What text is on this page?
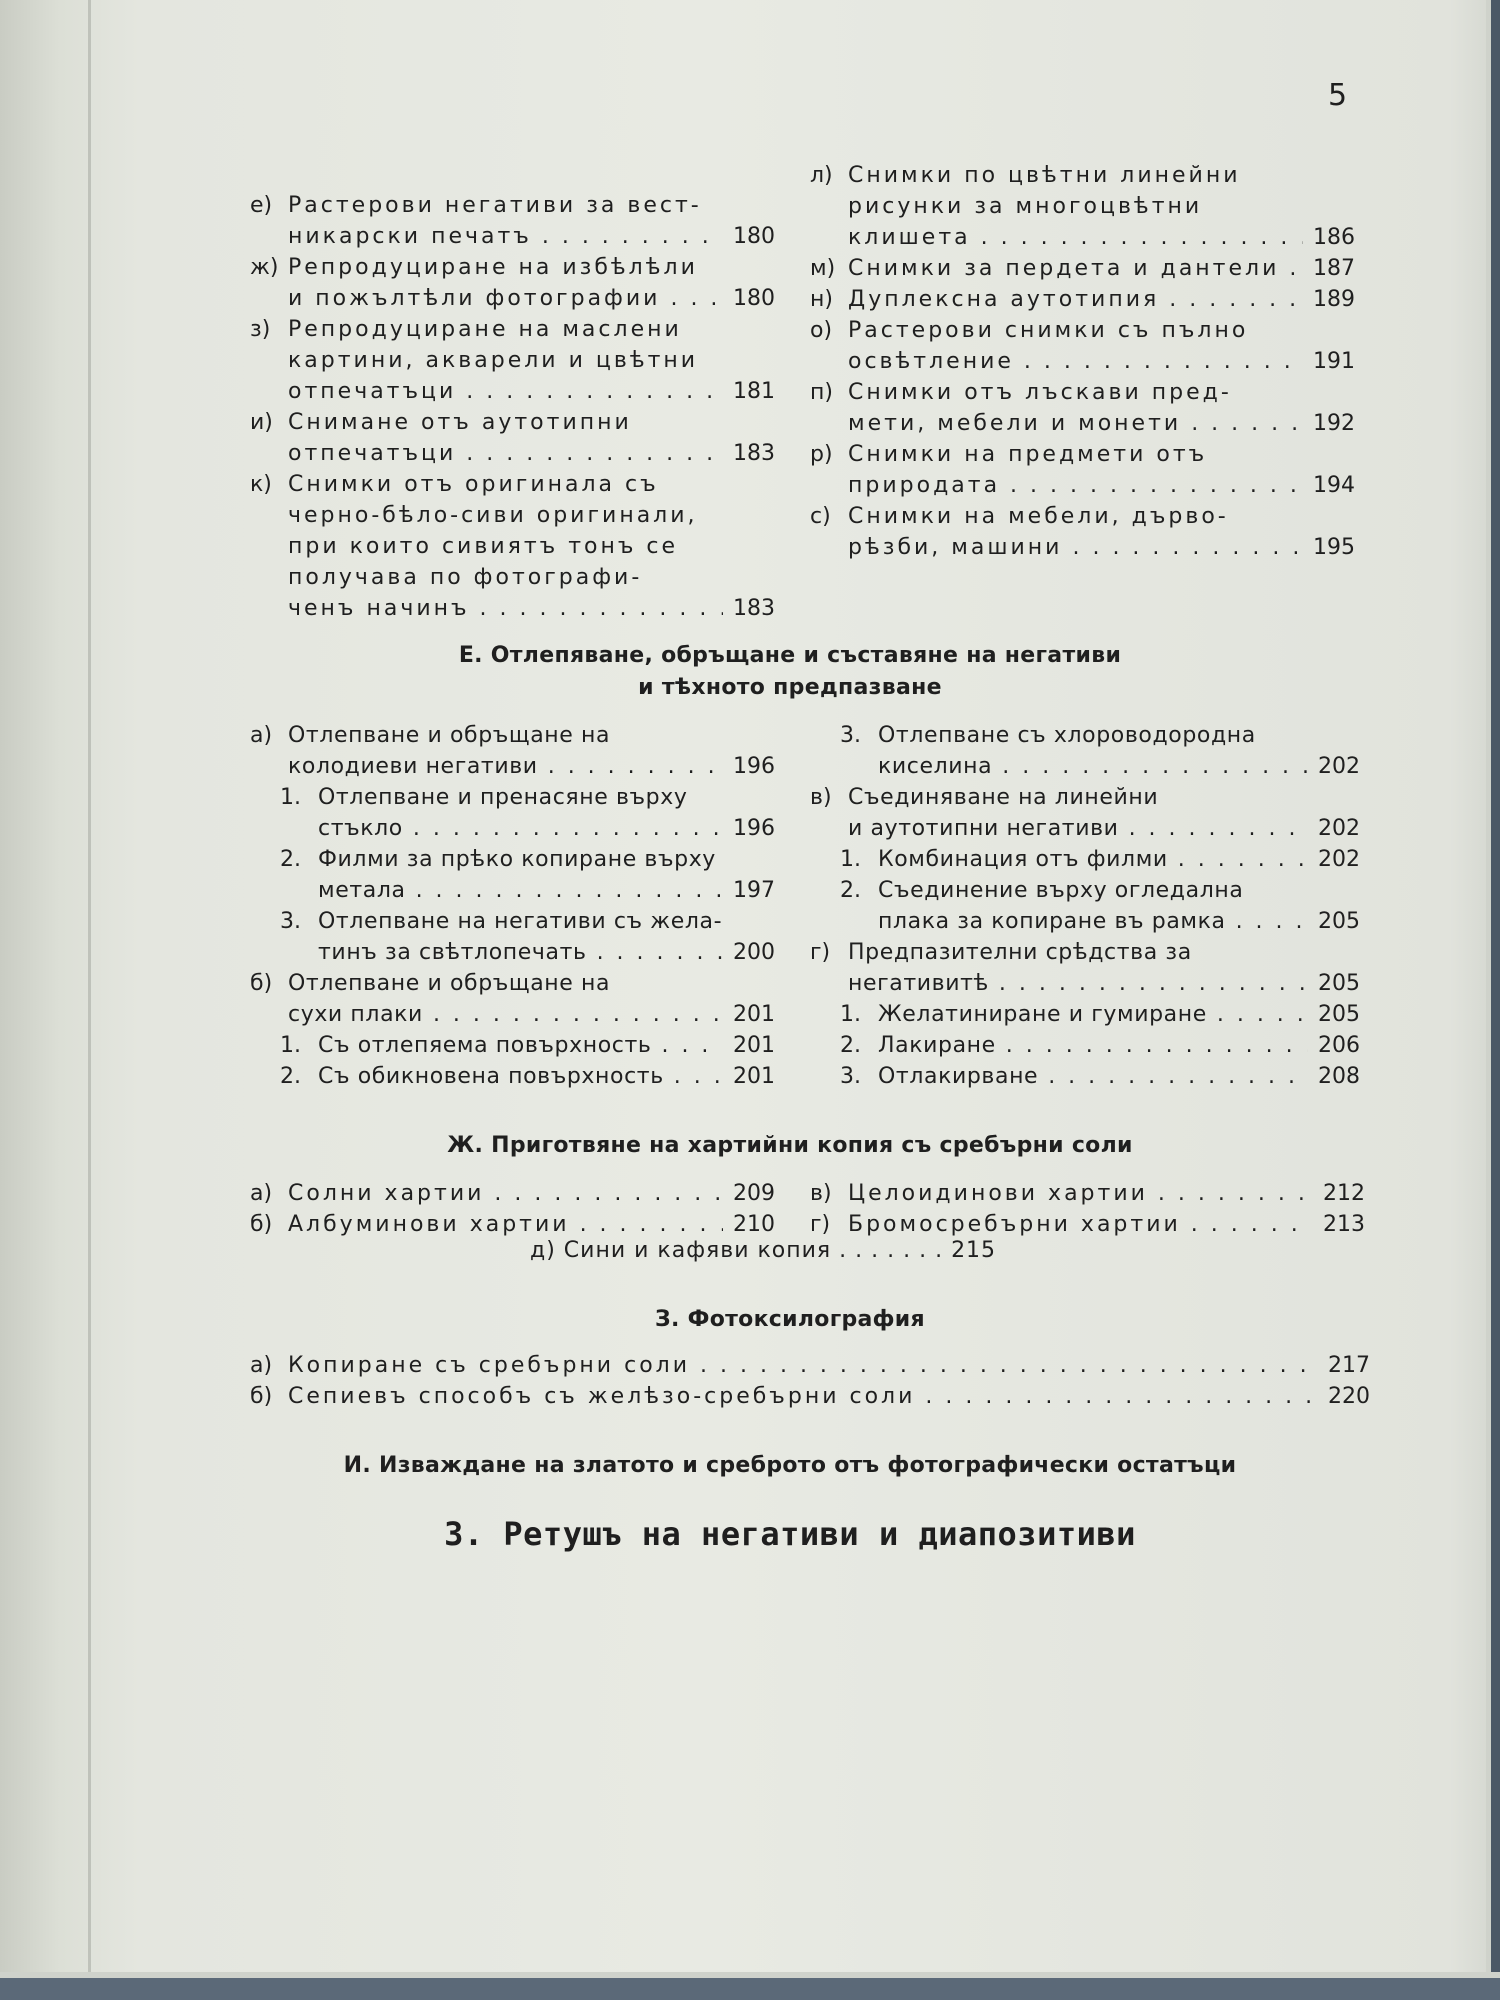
5
е) Растерови негативи за вест-
никарски печатъ . . .	180
ж) Репродуциране на избѣлѣли
и пожълтѣли фотографии . . .	180
з) Репродуциране на маслени
картини, акварели и цвѣтни
отпечатъци . . .	181
и) Снимане отъ аутотипни
отпечатъци . . .	183
к) Снимки отъ оригинала съ
черно-бѣло-сиви оригинали,
при които сивиятъ тонъ се
получава по фотографи-
ченъ начинъ . . .	183
л) Снимки по цвѣтни линейни
рисунки за многоцвѣтни
клишета . . .	186
м) Снимки за пердета и дантели . . .	187
н) Дуплексна аутотипия . . .	189
о) Растерови снимки съ пълно
освѣтление . . .	191
п) Снимки отъ лъскави пред-
мети, мебели и монети . . .	192
р) Снимки на предмети отъ
природата . . .	194
с) Снимки на мебели, дърво-
рѣзби, машини . . .	195
Е. Отлепяване, обръщане и съставяне на негативи
и тѣхното предпазване
а) Отлепване и обръщане на
колодиеви негативи . . .	196
1. Отлепване и пренасяне върху
стъкло . . .	196
2. Филми за прѣко копиране върху
метала . . .	197
3. Отлепване на негативи съ жела-
тинъ за свѣтлопечать . . .	200
б) Отлепване и обръщане на
сухи плаки . . .	201
1. Съ отлепяема повърхность . . .	201
2. Съ обикновена повърхность . . .	201
3. Отлепване съ хлороводородна
киселина . . .	202
в) Съединяване на линейни
и аутотипни негативи . . .	202
1. Комбинация отъ филми . . .	202
2. Съединение върху огледална
плака за копиране въ рамка . . .	205
г) Предпазителни срѣдства за
негативитѣ . . .	205
1. Желатиниране и гумиране . . .	205
2. Лакиране . . .	206
3. Отлакирване . . .	208
Ж. Приготвяне на хартийни копия съ сребърни соли
а) Солни хартии . . .	209
б) Албуминови хартии . . .	210
в) Целоидинови хартии . . .	212
г) Бромосребърни хартии . . .	213
д) Сини и кафяви копия . . . . . . . 215
З. Фотоксилография
а) Копиране съ сребърни соли . . .	217
б) Сепиевъ способъ съ желѣзо-сребърни соли . . .	220
И. Изваждане на златото и среброто отъ фотографически остатъци
3. Ретушъ на негативи и диапозитиви
